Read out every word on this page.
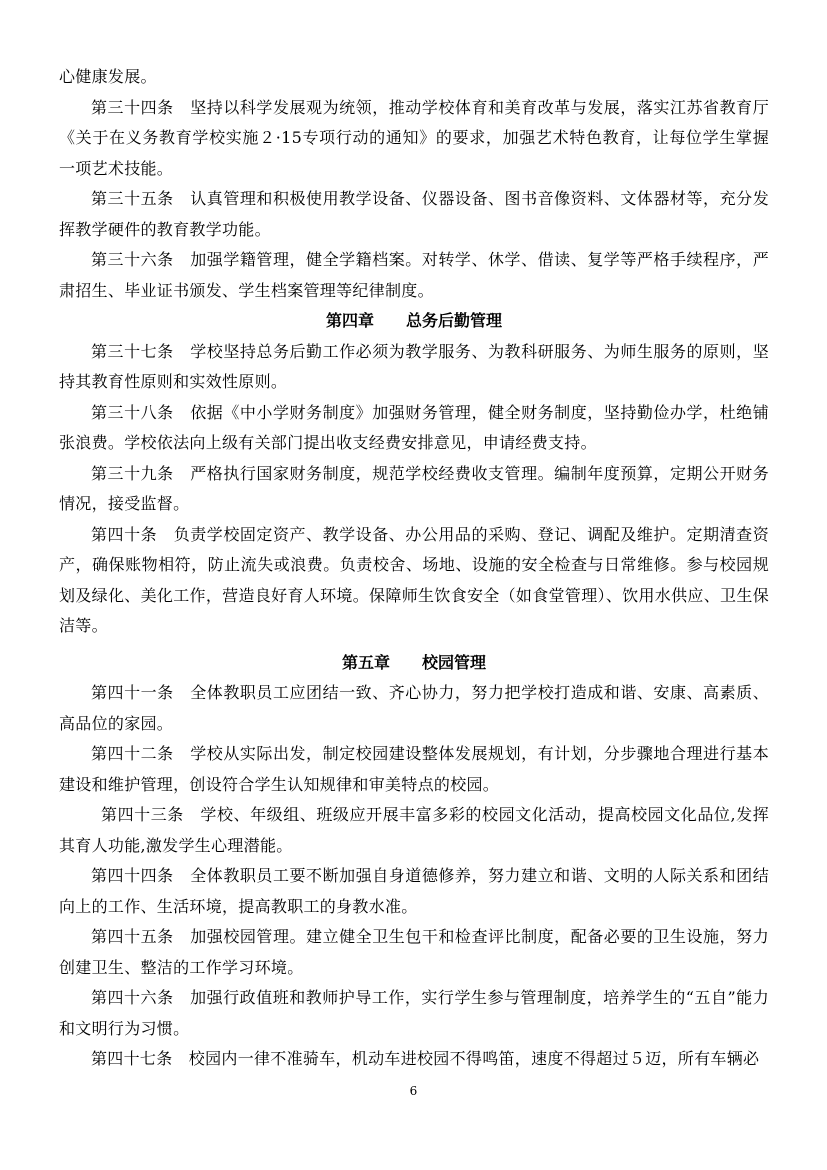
心健康发展。

第三十四条　坚持以科学发展观为统领，推动学校体育和美育改革与发展，落实江苏省教育厅《关于在义务教育学校实施２·15专项行动的通知》的要求，加强艺术特色教育，让每位学生掌握一项艺术技能。

第三十五条　认真管理和积极使用教学设备、仪器设备、图书音像资料、文体器材等，充分发挥教学硬件的教育教学功能。

第三十六条　加强学籍管理，健全学籍档案。对转学、休学、借读、复学等严格手续程序，严肃招生、毕业证书颁发、学生档案管理等纪律制度。

第四章　　总务后勤管理

第三十七条　学校坚持总务后勤工作必须为教学服务、为教科研服务、为师生服务的原则，坚持其教育性原则和实效性原则。

第三十八条　依据《中小学财务制度》加强财务管理，健全财务制度，坚持勤俭办学，杜绝铺张浪费。学校依法向上级有关部门提出收支经费安排意见，申请经费支持。

第三十九条　严格执行国家财务制度，规范学校经费收支管理。编制年度预算，定期公开财务情况，接受监督。

第四十条　负责学校固定资产、教学设备、办公用品的采购、登记、调配及维护。定期清查资产，确保账物相符，防止流失或浪费。负责校舍、场地、设施的安全检查与日常维修。参与校园规划及绿化、美化工作，营造良好育人环境。保障师生饮食安全（如食堂管理）、饮用水供应、卫生保洁等。

第五章　　校园管理

第四十一条　全体教职员工应团结一致、齐心协力，努力把学校打造成和谐、安康、高素质、高品位的家园。

第四十二条　学校从实际出发，制定校园建设整体发展规划，有计划，分步骤地合理进行基本建设和维护管理，创设符合学生认知规律和审美特点的校园。

第四十三条　学校、年级组、班级应开展丰富多彩的校园文化活动，提高校园文化品位,发挥其育人功能,激发学生心理潜能。

第四十四条　全体教职员工要不断加强自身道德修养，努力建立和谐、文明的人际关系和团结向上的工作、生活环境，提高教职工的身教水准。

第四十五条　加强校园管理。建立健全卫生包干和检查评比制度，配备必要的卫生设施，努力创建卫生、整洁的工作学习环境。

第四十六条　加强行政值班和教师护导工作，实行学生参与管理制度，培养学生的“五自”能力和文明行为习惯。

第四十七条　校园内一律不准骑车，机动车进校园不得鸣笛，速度不得超过５迈，所有车辆必

6
